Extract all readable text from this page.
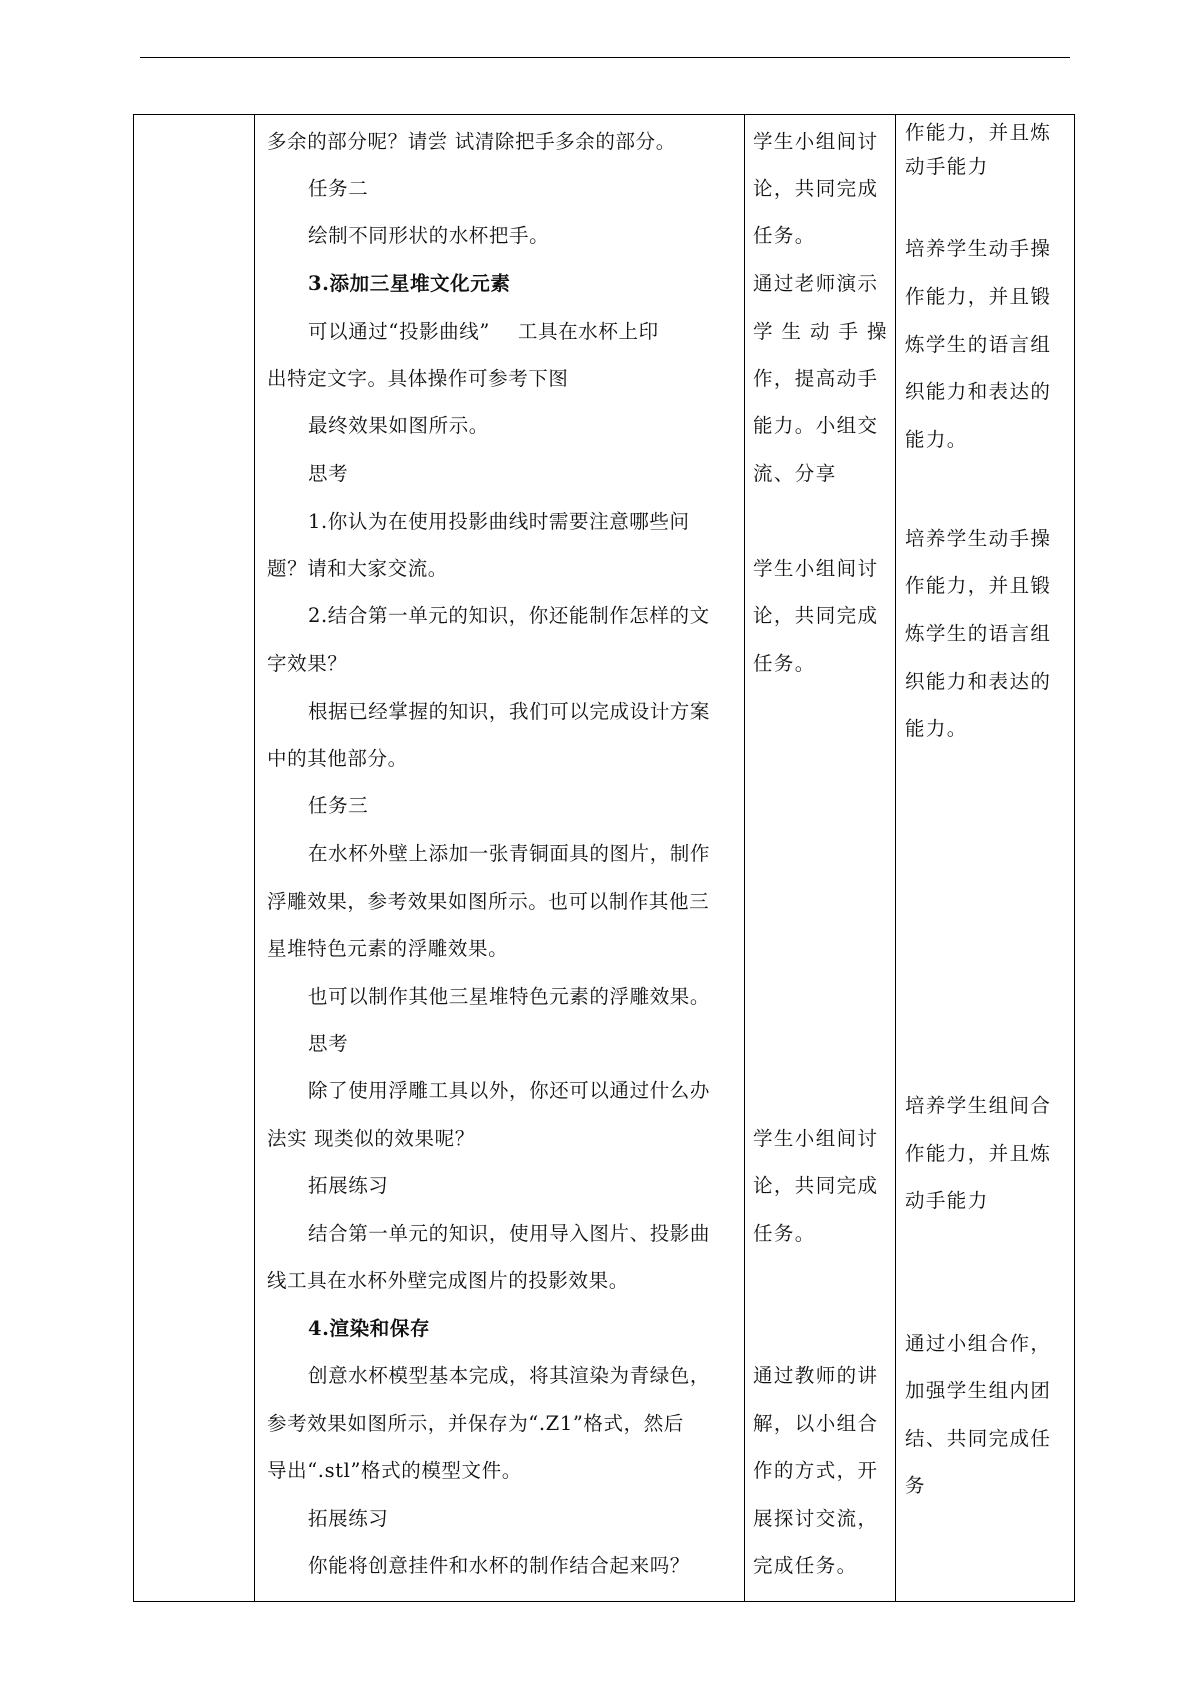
多余的部分呢？请尝 试清除把手多余的部分。
任务二
绘制不同形状的水杯把手。
3.添加三星堆文化元素
可以通过“投影曲线” 工具在水杯上印
出特定文字。具体操作可参考下图
最终效果如图所示。
思考
1.你认为在使用投影曲线时需要注意哪些问
题？请和大家交流。
2.结合第一单元的知识，你还能制作怎样的文
字效果？
根据已经掌握的知识，我们可以完成设计方案
中的其他部分。
任务三
在水杯外壁上添加一张青铜面具的图片，制作
浮雕效果，参考效果如图所示。也可以制作其他三
星堆特色元素的浮雕效果。
也可以制作其他三星堆特色元素的浮雕效果。
思考
除了使用浮雕工具以外，你还可以通过什么办
法实 现类似的效果呢？
拓展练习
结合第一单元的知识，使用导入图片、投影曲
线工具在水杯外壁完成图片的投影效果。
4.渲染和保存
创意水杯模型基本完成，将其渲染为青绿色，
参考效果如图所示，并保存为“.Z1”格式，然后
导出“.stl”格式的模型文件。
拓展练习
你能将创意挂件和水杯的制作结合起来吗？
学生小组间讨
论，共同完成
任务。
通过老师演示
学 生 动 手 操
作，提高动手
能力。小组交
流、分享
学生小组间讨
论，共同完成
任务。
学生小组间讨
论，共同完成
任务。
通过教师的讲
解，以小组合
作的方式，开
展探讨交流，
完成任务。
作能力，并且炼
动手能力
培养学生动手操
作能力，并且锻
炼学生的语言组
织能力和表达的
能力。
培养学生动手操
作能力，并且锻
炼学生的语言组
织能力和表达的
能力。
培养学生组间合
作能力，并且炼
动手能力
通过小组合作，
加强学生组内团
结、共同完成任
务
